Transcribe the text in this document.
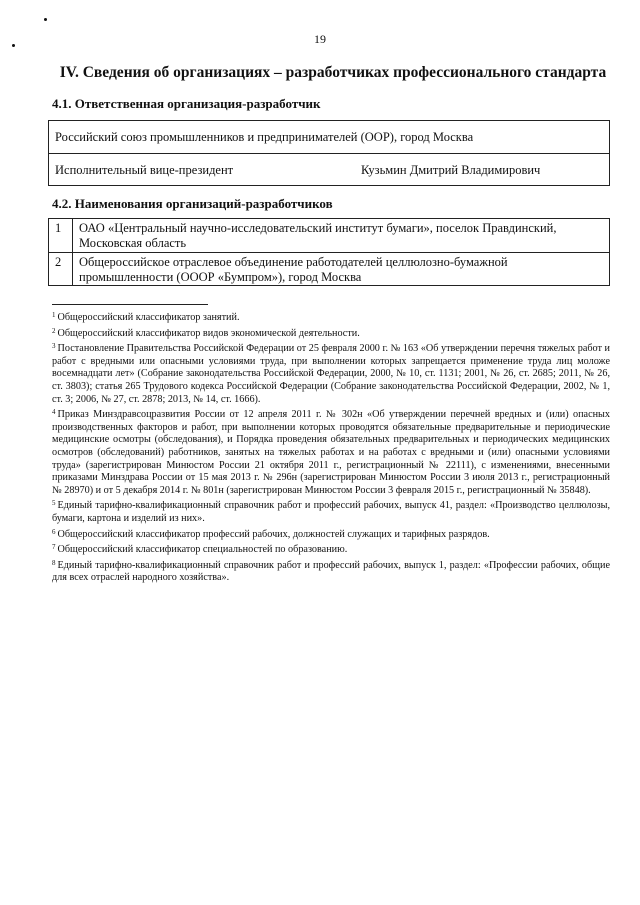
19
IV. Сведения об организациях – разработчиках профессионального стандарта
4.1. Ответственная организация-разработчик
Российский союз промышленников и предпринимателей (ООР), город Москва
Исполнительный вице-президент	Кузьмин Дмитрий Владимирович
4.2. Наименования организаций-разработчиков
1	ОАО «Центральный научно-исследовательский институт бумаги», поселок Правдинский, Московская область
2	Общероссийское отраслевое объединение работодателей целлюлозно-бумажной промышленности (ОООР «Бумпром»), город Москва

$^1$ Общероссийский классификатор занятий.

$^2$ Общероссийский классификатор видов экономической деятельности.

$^3$ Постановление Правительства Российской Федерации от 25 февраля 2000 г. № 163 «Об утверждении перечня тяжелых работ и работ с вредными или опасными условиями труда, при выполнении которых запрещается применение труда лиц моложе восемнадцати лет» (Собрание законодательства Российской Федерации, 2000, № 10, ст. 1131; 2001, № 26, ст. 2685; 2011, № 26, ст. 3803); статья 265 Трудового кодекса Российской Федерации (Собрание законодательства Российской Федерации, 2002, № 1, ст. 3; 2006, № 27, ст. 2878; 2013, № 14, ст. 1666).

$^4$ Приказ Минздравсоцразвития России от 12 апреля 2011 г. № 302н «Об утверждении перечней вредных и (или) опасных производственных факторов и работ, при выполнении которых проводятся обязательные предварительные и периодические медицинские осмотры (обследования), и Порядка проведения обязательных предварительных и периодических медицинских осмотров (обследований) работников, занятых на тяжелых работах и на работах с вредными и (или) опасными условиями труда» (зарегистрирован Минюстом России 21 октября 2011 г., регистрационный № 22111), с изменениями, внесенными приказами Минздрава России от 15 мая 2013 г. № 296н (зарегистрирован Минюстом России 3 июля 2013 г., регистрационный № 28970) и от 5 декабря 2014 г. № 801н (зарегистрирован Минюстом России 3 февраля 2015 г., регистрационный № 35848).

$^5$ Единый тарифно-квалификационный справочник работ и профессий рабочих, выпуск 41, раздел: «Производство целлюлозы, бумаги, картона и изделий из них».

$^6$ Общероссийский классификатор профессий рабочих, должностей служащих и тарифных разрядов.

$^7$ Общероссийский классификатор специальностей по образованию.

$^8$ Единый тарифно-квалификационный справочник работ и профессий рабочих, выпуск 1, раздел: «Профессии рабочих, общие для всех отраслей народного хозяйства».
